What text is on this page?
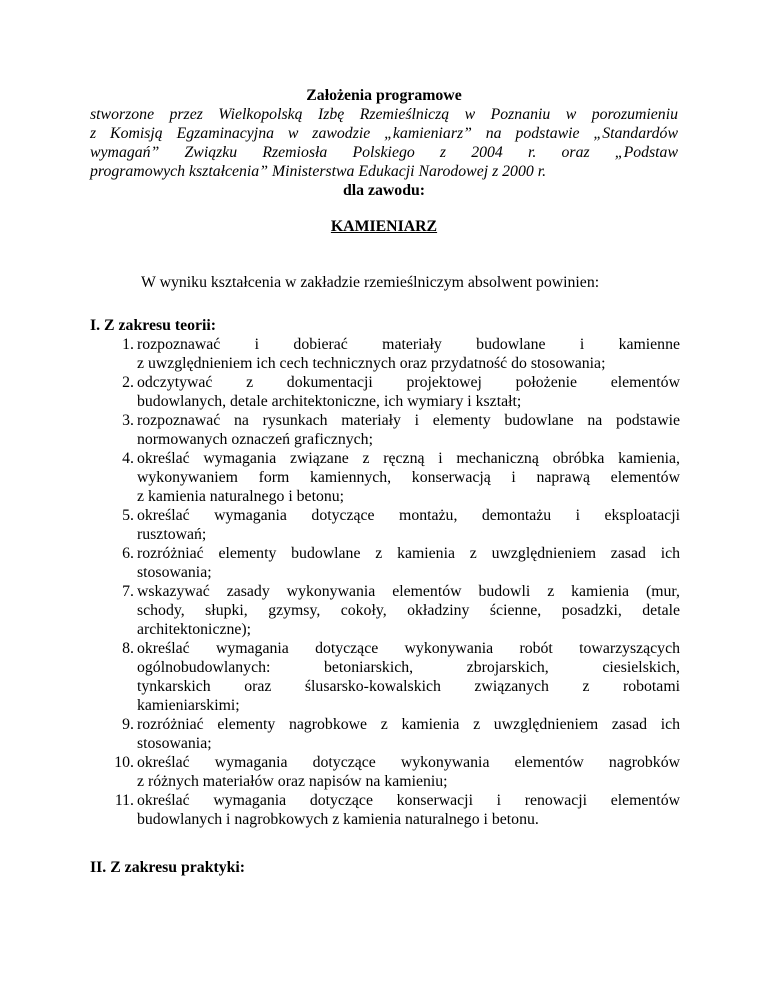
Założenia programowe

stworzone przez Wielkopolską Izbę Rzemieślniczą w Poznaniu w porozumieniu
z Komisją Egzaminacyjna w zawodzie „kamieniarz” na podstawie „Standardów
wymagań” Związku Rzemiosła Polskiego z 2004 r. oraz „Podstaw
programowych kształcenia” Ministerstwa Edukacji Narodowej z 2000 r.

dla zawodu:

KAMIENIARZ

W wyniku kształcenia w zakładzie rzemieślniczym absolwent powinien:

I. Z zakresu teorii:

1. rozpoznawać i dobierać materiały budowlane i kamienne
z uwzględnieniem ich cech technicznych oraz przydatność do stosowania;
2. odczytywać z dokumentacji projektowej położenie elementów
budowlanych, detale architektoniczne, ich wymiary i kształt;
3. rozpoznawać na rysunkach materiały i elementy budowlane na podstawie
normowanych oznaczeń graficznych;
4. określać wymagania związane z ręczną i mechaniczną obróbka kamienia,
wykonywaniem form kamiennych, konserwacją i naprawą elementów
z kamienia naturalnego i betonu;
5. określać wymagania dotyczące montażu, demontażu i eksploatacji
rusztowań;
6. rozróżniać elementy budowlane z kamienia z uwzględnieniem zasad ich
stosowania;
7. wskazywać zasady wykonywania elementów budowli z kamienia (mur,
schody, słupki, gzymsy, cokoły, okładziny ścienne, posadzki, detale
architektoniczne);
8. określać wymagania dotyczące wykonywania robót towarzyszących
ogólnobudowlanych: betoniarskich, zbrojarskich, ciesielskich,
tynkarskich oraz ślusarsko-kowalskich związanych z robotami
kamieniarskimi;
9. rozróżniać elementy nagrobkowe z kamienia z uwzględnieniem zasad ich
stosowania;
10. określać wymagania dotyczące wykonywania elementów nagrobków
z różnych materiałów oraz napisów na kamieniu;
11. określać wymagania dotyczące konserwacji i renowacji elementów
budowlanych i nagrobkowych z kamienia naturalnego i betonu.

II. Z zakresu praktyki:
